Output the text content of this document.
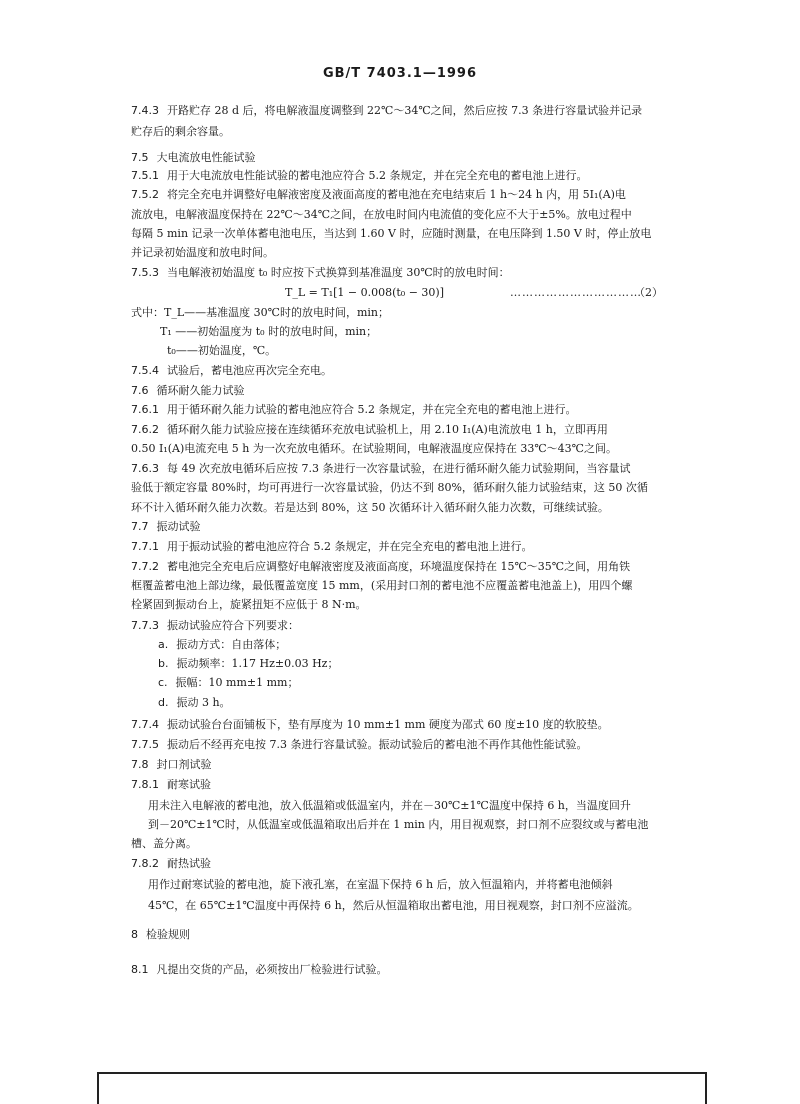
GB/T 7403.1—1996
7.4.3 开路贮存 28 d 后，将电解液温度调整到 22℃～34℃之间，然后应按 7.3 条进行容量试验并记录
贮存后的剩余容量。
7.5 大电流放电性能试验
7.5.1 用于大电流放电性能试验的蓄电池应符合 5.2 条规定，并在完全充电的蓄电池上进行。
7.5.2 将完全充电并调整好电解液密度及液面高度的蓄电池在充电结束后 1 h～24 h 内，用 5I₁(A)电
流放电，电解液温度保持在 22℃～34℃之间，在放电时间内电流值的变化应不大于±5%。放电过程中
每隔 5 min 记录一次单体蓄电池电压，当达到 1.60 V 时，应随时测量，在电压降到 1.50 V 时，停止放电
并记录初始温度和放电时间。
7.5.3 当电解液初始温度 t₀ 时应按下式换算到基准温度 30℃时的放电时间：
T_L = T₁[1 − 0.008(t₀ − 30)]
式中：T_L——基准温度 30℃时的放电时间，min；
T₁ ——初始温度为 t₀ 时的放电时间，min；
t₀——初始温度，℃。
7.5.4 试验后，蓄电池应再次完全充电。
7.6 循环耐久能力试验
7.6.1 用于循环耐久能力试验的蓄电池应符合 5.2 条规定，并在完全充电的蓄电池上进行。
7.6.2 循环耐久能力试验应接在连续循环充放电试验机上，用 2.10 I₁(A)电流放电 1 h，立即再用
0.50 I₁(A)电流充电 5 h 为一次充放电循环。在试验期间，电解液温度应保持在 33℃～43℃之间。
7.6.3 每 49 次充放电循环后应按 7.3 条进行一次容量试验，在进行循环耐久能力试验期间，当容量试
验低于额定容量 80%时，均可再进行一次容量试验，仍达不到 80%，循环耐久能力试验结束，这 50 次循
环不计入循环耐久能力次数。若是达到 80%，这 50 次循环计入循环耐久能力次数，可继续试验。
7.7 振动试验
7.7.1 用于振动试验的蓄电池应符合 5.2 条规定，并在完全充电的蓄电池上进行。
7.7.2 蓄电池完全充电后应调整好电解液密度及液面高度，环境温度保持在 15℃～35℃之间，用角铁
框覆盖蓄电池上部边缘，最低覆盖宽度 15 mm，(采用封口剂的蓄电池不应覆盖蓄电池盖上)，用四个螺
栓紧固到振动台上，旋紧扭矩不应低于 8 N·m。
7.7.3 振动试验应符合下列要求：
a. 振动方式：自由落体；
b. 振动频率：1.17 Hz±0.03 Hz；
c. 振幅：10 mm±1 mm；
d. 振动 3 h。
7.7.4 振动试验台台面铺板下，垫有厚度为 10 mm±1 mm 硬度为邵式 60 度±10 度的软胶垫。
7.7.5 振动后不经再充电按 7.3 条进行容量试验。振动试验后的蓄电池不再作其他性能试验。
7.8 封口剂试验
7.8.1 耐寒试验
用未注入电解液的蓄电池，放入低温箱或低温室内，并在－30℃±1℃温度中保持 6 h，当温度回升
到－20℃±1℃时，从低温室或低温箱取出后并在 1 min 内，用目视观察，封口剂不应裂纹或与蓄电池
槽、盖分离。
7.8.2 耐热试验
用作过耐寒试验的蓄电池，旋下液孔塞，在室温下保持 6 h 后，放入恒温箱内，并将蓄电池倾斜
45℃，在 65℃±1℃温度中再保持 6 h，然后从恒温箱取出蓄电池，用目视观察，封口剂不应溢流。
8 检验规则
8.1 凡提出交货的产品，必须按出厂检验进行试验。
……………………………
（2）
